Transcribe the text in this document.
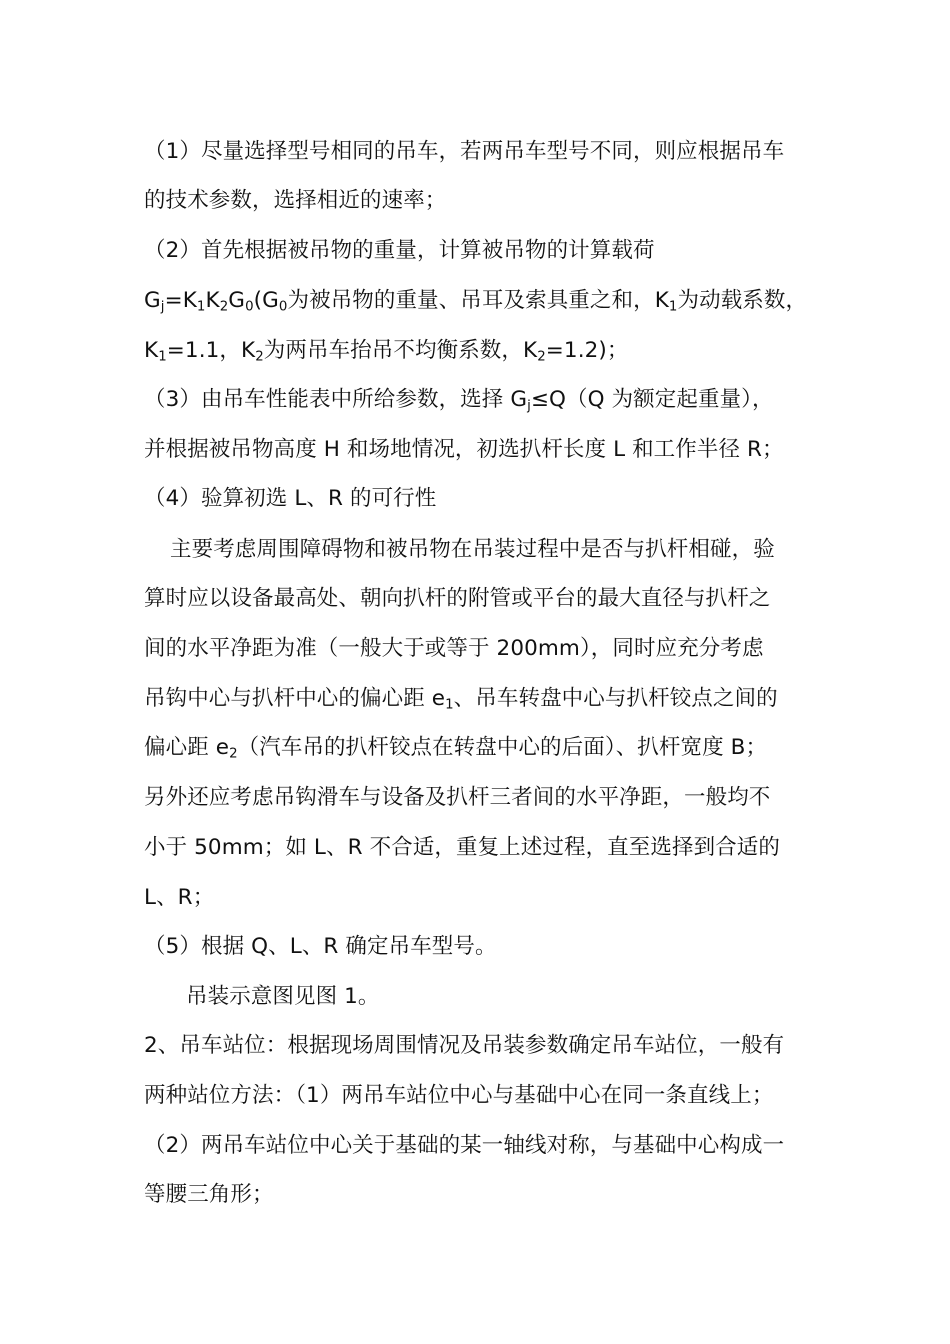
（1）尽量选择型号相同的吊车，若两吊车型号不同，则应根据吊车
的技术参数，选择相近的速率；
（2）首先根据被吊物的重量，计算被吊物的计算载荷
$G_j=K_1K_2G_0(G_0$为被吊物的重量、吊耳及索具重之和，$K_1$为动载系数，
$K_1=1.1$，$K_2$为两吊车抬吊不均衡系数，$K_2=1.2$)；
（3）由吊车性能表中所给参数，选择 $G_j\le Q(Q$ 为额定起重量），
并根据被吊物高度 H 和场地情况，初选扒杆长度 L 和工作半径 R；
（4）验算初选 L、R 的可行性
主要考虑周围障碍物和被吊物在吊装过程中是否与扒杆相碰，验
算时应以设备最高处、朝向扒杆的附管或平台的最大直径与扒杆之
间的水平净距为准（一般大于或等于 200mm），同时应充分考虑
吊钩中心与扒杆中心的偏心距 $e_1$、吊车转盘中心与扒杆铰点之间的
偏心距 $e_2$（汽车吊的扒杆铰点在转盘中心的后面）、扒杆宽度 B；
另外还应考虑吊钩滑车与设备及扒杆三者间的水平净距，一般均不
小于 50mm；如 L、R 不合适，重复上述过程，直至选择到合适的
L、R；
（5）根据 Q、L、R 确定吊车型号。
吊装示意图见图 1。
2、吊车站位：根据现场周围情况及吊装参数确定吊车站位，一般有
两种站位方法：（1）两吊车站位中心与基础中心在同一条直线上；
（2）两吊车站位中心关于基础的某一轴线对称，与基础中心构成一
等腰三角形；
